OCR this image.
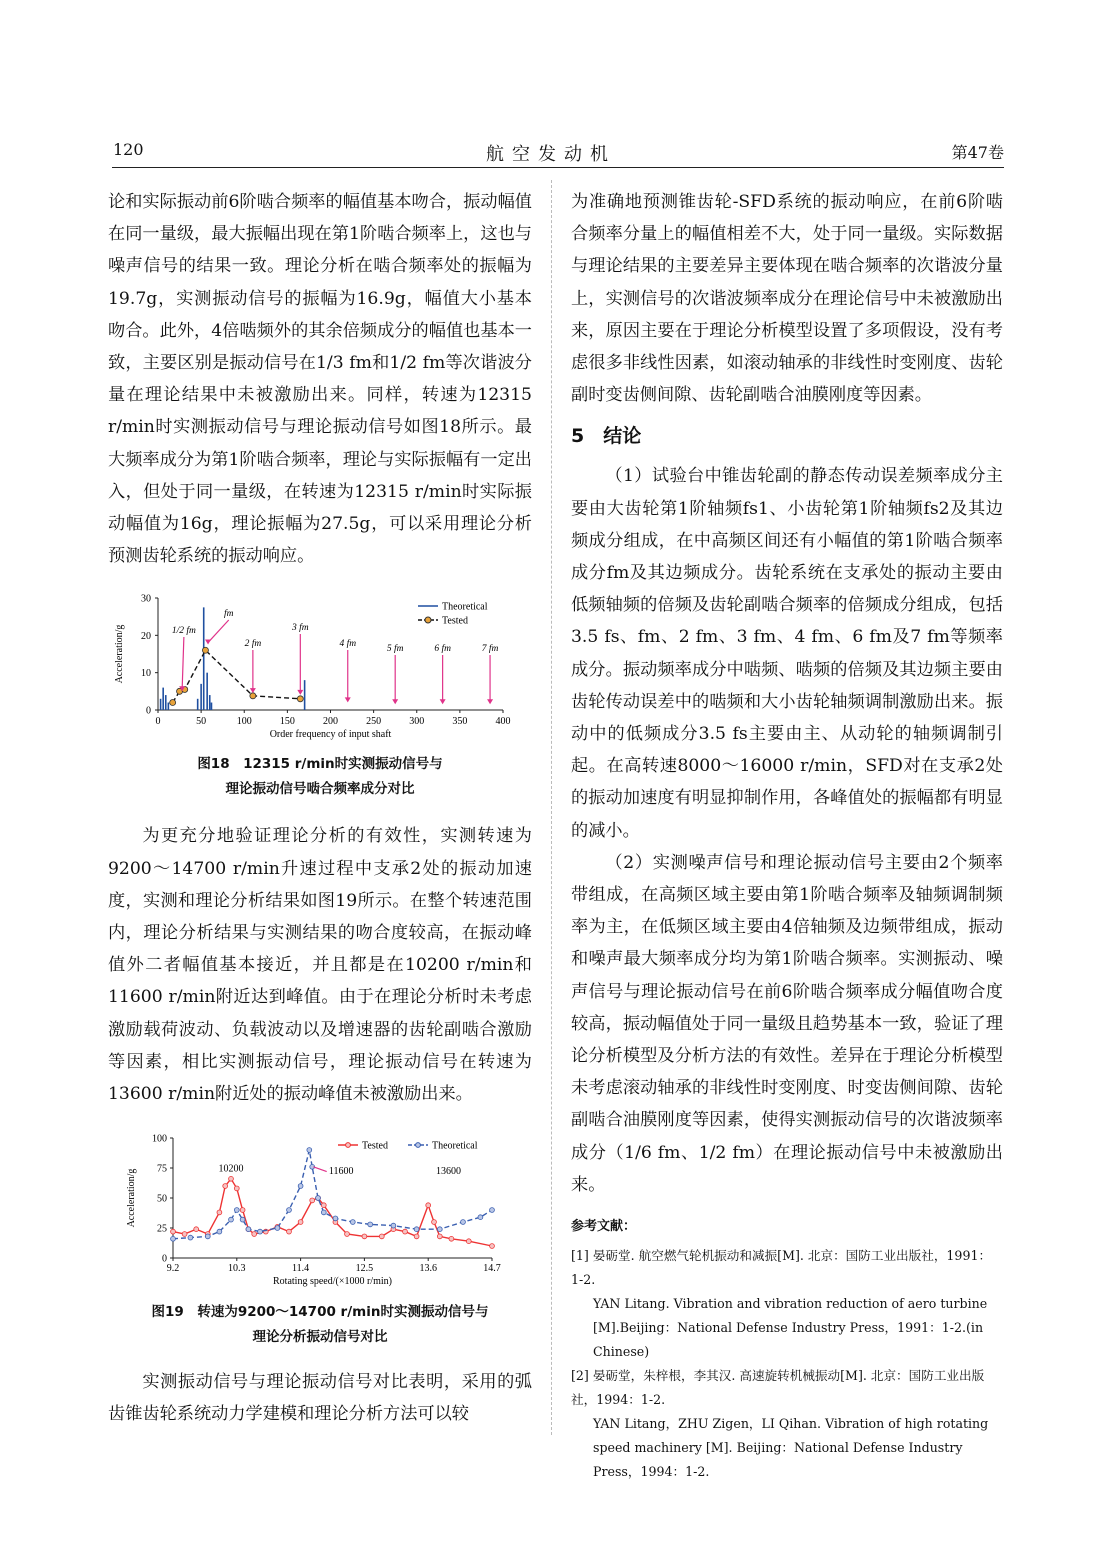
120	航空发动机	第47卷

论和实际振动前6阶啮合频率的幅值基本吻合，振动幅值在同一量级，最大振幅出现在第1阶啮合频率上，这也与噪声信号的结果一致。理论分析在啮合频率处的振幅为19.7g，实测振动信号的振幅为16.9g，幅值大小基本吻合。此外，4倍啮频外的其余倍频成分的幅值也基本一致，主要区别是振动信号在1/3 fm和1/2 fm等次谐波分量在理论结果中未被激励出来。同样，转速为12315 r/min时实测振动信号与理论振动信号如图18所示。最大频率成分为第1阶啮合频率，理论与实际振幅有一定出入，但处于同一量级，在转速为12315 r/min时实际振动幅值为16g，理论振幅为27.5g，可以采用理论分析预测齿轮系统的振动响应。

0	50	100	150	200	250	300	350	400
0
10
20
30
Order frequency of input shaft
Acceleration/g	1/2 fm
fm
2 fm
3 fm
4 fm	5 fm	6 fm	7 fm
Theoretical
Tested
图18　12315 r/min时实测振动信号与
理论振动信号啮合频率成分对比

为更充分地验证理论分析的有效性，实测转速为9200～14700 r/min升速过程中支承2处的振动加速度，实测和理论分析结果如图19所示。在整个转速范围内，理论分析结果与实测结果的吻合度较高，在振动峰值外二者幅值基本接近，并且都是在10200 r/min和11600 r/min附近达到峰值。由于在理论分析时未考虑激励载荷波动、负载波动以及增速器的齿轮副啮合激励等因素，相比实测振动信号，理论振动信号在转速为13600 r/min附近处的振动峰值未被激励出来。

9.2	10.3	11.4	12.5	13.6	14.7
0
25
50
75
100
Rotating speed/(×1000 r/min)
Acceleration/g	10200	11600	13600
Tested	Theoretical
图19　转速为9200～14700 r/min时实测振动信号与
理论分析振动信号对比

实测振动信号与理论振动信号对比表明，采用的弧齿锥齿轮系统动力学建模和理论分析方法可以较

为准确地预测锥齿轮-SFD系统的振动响应，在前6阶啮合频率分量上的幅值相差不大，处于同一量级。实际数据与理论结果的主要差异主要体现在啮合频率的次谐波分量上，实测信号的次谐波频率成分在理论信号中未被激励出来，原因主要在于理论分析模型设置了多项假设，没有考虑很多非线性因素，如滚动轴承的非线性时变刚度、齿轮副时变齿侧间隙、齿轮副啮合油膜刚度等因素。

5　结论

（1）试验台中锥齿轮副的静态传动误差频率成分主要由大齿轮第1阶轴频fs1、小齿轮第1阶轴频fs2及其边频成分组成，在中高频区间还有小幅值的第1阶啮合频率成分fm及其边频成分。齿轮系统在支承处的振动主要由低频轴频的倍频及齿轮副啮合频率的倍频成分组成，包括3.5 fs、fm、2 fm、3 fm、4 fm、6 fm及7 fm等频率成分。振动频率成分中啮频、啮频的倍频及其边频主要由齿轮传动误差中的啮频和大小齿轮轴频调制激励出来。振动中的低频成分3.5 fs主要由主、从动轮的轴频调制引起。在高转速8000～16000 r/min，SFD对在支承2处的振动加速度有明显抑制作用，各峰值处的振幅都有明显的减小。

（2）实测噪声信号和理论振动信号主要由2个频率带组成，在高频区域主要由第1阶啮合频率及轴频调制频率为主，在低频区域主要由4倍轴频及边频带组成，振动和噪声最大频率成分均为第1阶啮合频率。实测振动、噪声信号与理论振动信号在前6阶啮合频率成分幅值吻合度较高，振动幅值处于同一量级且趋势基本一致，验证了理论分析模型及分析方法的有效性。差异在于理论分析模型未考虑滚动轴承的非线性时变刚度、时变齿侧间隙、齿轮副啮合油膜刚度等因素，使得实测振动信号的次谐波频率成分（1/6 fm、1/2 fm）在理论振动信号中未被激励出来。

参考文献：

[1] 晏砺堂. 航空燃气轮机振动和减振[M]. 北京：国防工业出版社，1991：1-2.

YAN Litang. Vibration and vibration reduction of aero turbine [M].Beijing：National Defense Industry Press，1991：1-2.(in Chinese)

[2] 晏砺堂，朱梓根，李其汉. 高速旋转机械振动[M]. 北京：国防工业出版社，1994：1-2.

YAN Litang，ZHU Zigen，LI Qihan. Vibration of high rotating speed machinery [M]. Beijing：National Defense Industry Press，1994：1-2.
